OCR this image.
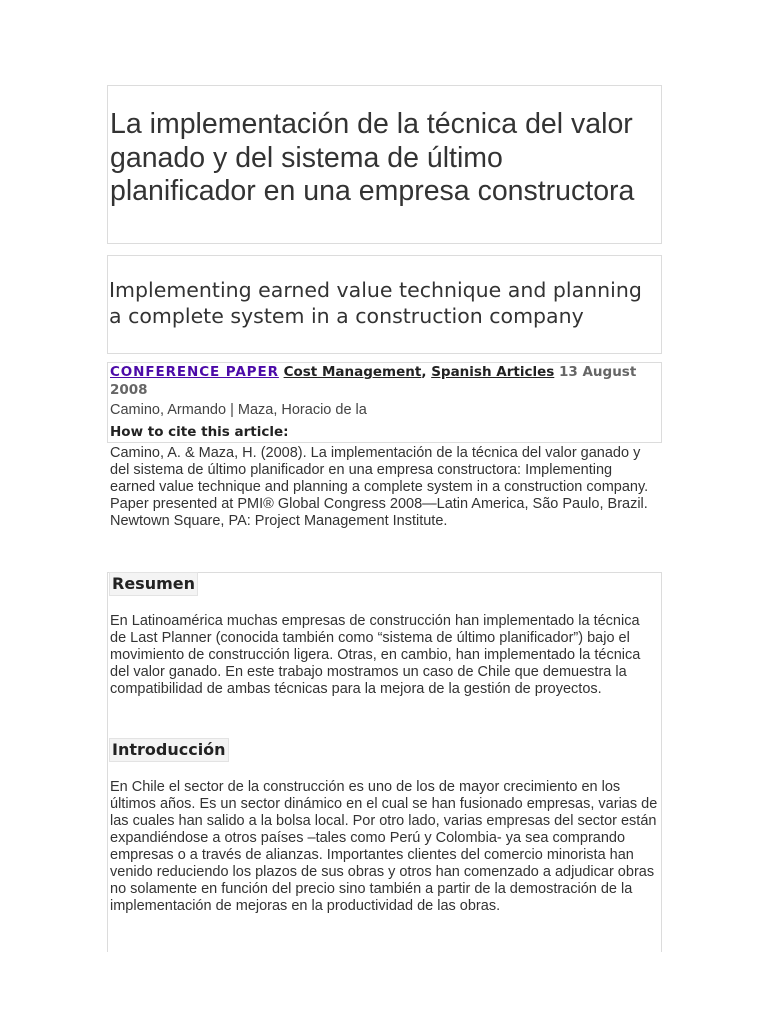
La implementación de la técnica del valor ganado y del sistema de último planificador en una empresa constructora
Implementing earned value technique and planning a complete system in a construction company
CONFERENCE PAPER Cost Management, Spanish Articles 13 August 2008
Camino, Armando | Maza, Horacio de la
How to cite this article:

Camino, A. & Maza, H. (2008). La implementación de la técnica del valor ganado y del sistema de último planificador en una empresa constructora: Implementing earned value technique and planning a complete system in a construction company. Paper presented at PMI® Global Congress 2008—Latin America, São Paulo, Brazil. Newtown Square, PA: Project Management Institute.

Resumen

En Latinoamérica muchas empresas de construcción han implementado la técnica de Last Planner (conocida también como “sistema de último planificador”) bajo el movimiento de construcción ligera. Otras, en cambio, han implementado la técnica del valor ganado. En este trabajo mostramos un caso de Chile que demuestra la compatibilidad de ambas técnicas para la mejora de la gestión de proyectos.

Introducción

En Chile el sector de la construcción es uno de los de mayor crecimiento en los últimos años. Es un sector dinámico en el cual se han fusionado empresas, varias de las cuales han salido a la bolsa local. Por otro lado, varias empresas del sector están expandiéndose a otros países –tales como Perú y Colombia- ya sea comprando empresas o a través de alianzas. Importantes clientes del comercio minorista han venido reduciendo los plazos de sus obras y otros han comenzado a adjudicar obras no solamente en función del precio sino también a partir de la demostración de la implementación de mejoras en la productividad de las obras.
